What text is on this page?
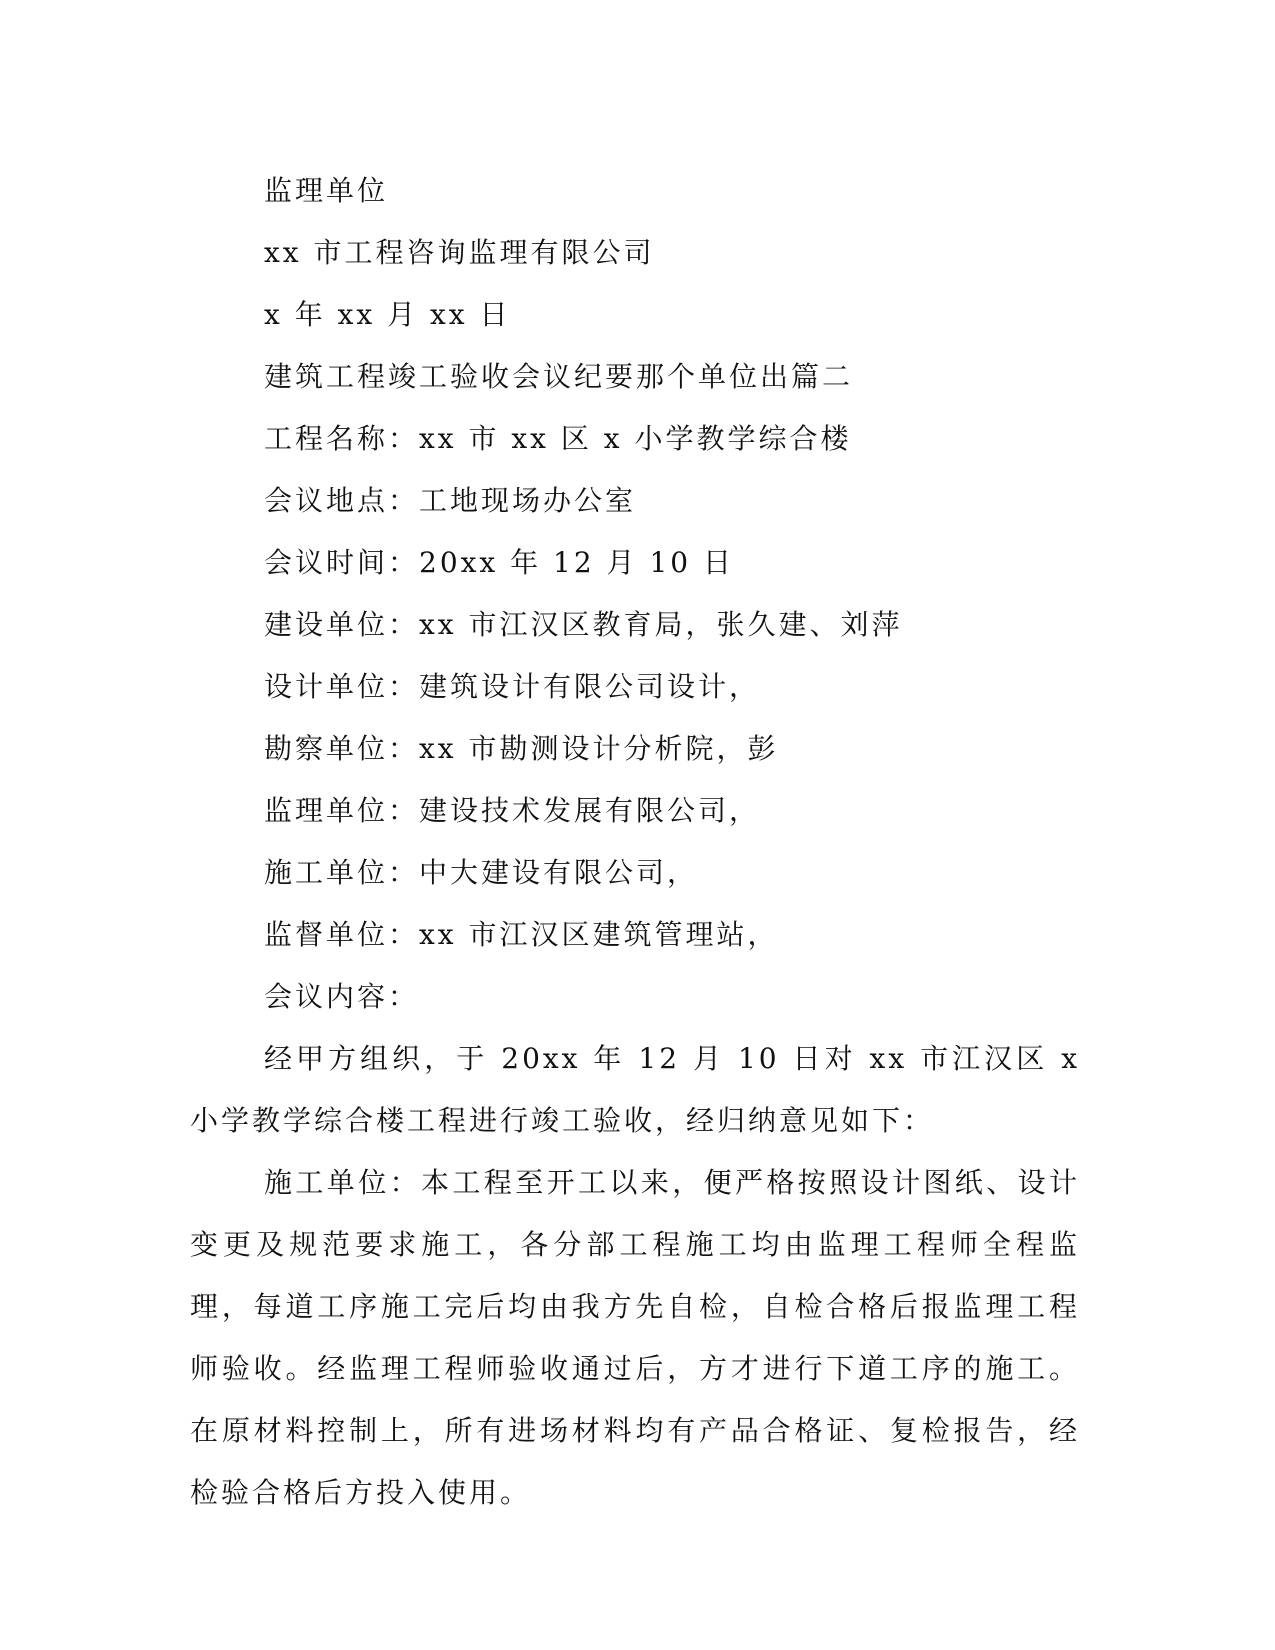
监理单位
xx 市工程咨询监理有限公司
x 年 xx 月 xx 日
建筑工程竣工验收会议纪要那个单位出篇二
工程名称：xx 市 xx 区 x 小学教学综合楼
会议地点：工地现场办公室
会议时间：20xx 年 12 月 10 日
建设单位：xx 市江汉区教育局，张久建、刘萍
设计单位：建筑设计有限公司设计，
勘察单位：xx 市勘测设计分析院，彭
监理单位：建设技术发展有限公司，
施工单位：中大建设有限公司，
监督单位：xx 市江汉区建筑管理站，
会议内容：

经甲方组织，于 20xx 年 12 月 10 日对 xx 市江汉区 x 小学教学综合楼工程进行竣工验收，经归纳意见如下：

施工单位：本工程至开工以来，便严格按照设计图纸、设计变更及规范要求施工，各分部工程施工均由监理工程师全程监理，每道工序施工完后均由我方先自检，自检合格后报监理工程师验收。经监理工程师验收通过后，方才进行下道工序的施工。在原材料控制上，所有进场材料均有产品合格证、复检报告，经检验合格后方投入使用。
